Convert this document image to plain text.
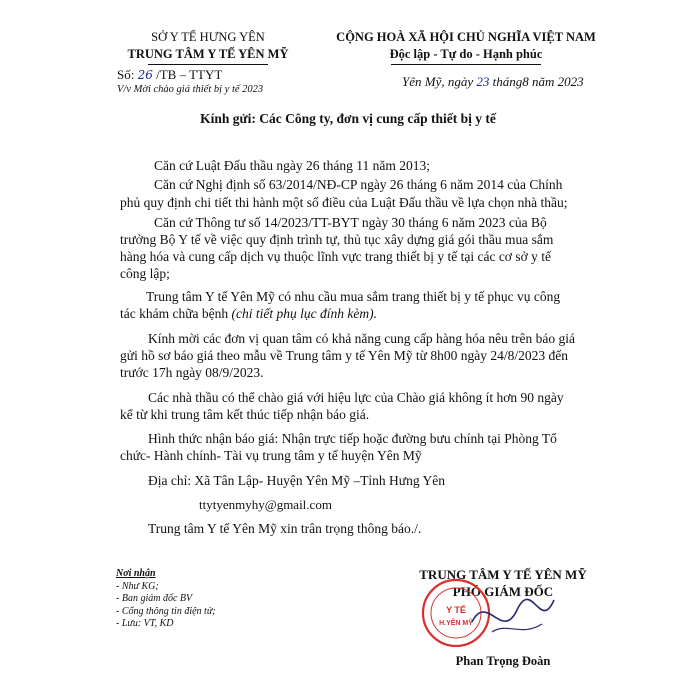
SỞ Y TẾ HƯNG YÊN
TRUNG TÂM Y TẾ YÊN MỸ
CỘNG HOÀ XÃ HỘI CHỦ NGHĨA VIỆT NAM
Độc lập - Tự do - Hạnh phúc
Số: 26 /TB – TTYT
V/v Mời chào giá thiết bị y tế 2023
Yên Mỹ, ngày 23 tháng8 năm 2023
Kính gửi: Các Công ty, đơn vị cung cấp thiết bị y tế
Căn cứ Luật Đấu thầu ngày 26 tháng 11 năm 2013;
Căn cứ Nghị định số 63/2014/NĐ-CP ngày 26 tháng 6 năm 2014 của Chính
phủ quy định chi tiết thi hành một số điều của Luật Đấu thầu về lựa chọn nhà thầu;
Căn cứ Thông tư số 14/2023/TT-BYT ngày 30 tháng 6 năm 2023 của Bộ
trưởng Bộ Y tế về việc quy định trình tự, thủ tục xây dựng giá gói thầu mua sắm
hàng hóa và cung cấp dịch vụ thuộc lĩnh vực trang thiết bị y tế tại các cơ sở y tế
công lập;
Trung tâm Y tế Yên Mỹ có nhu cầu mua sắm trang thiết bị y tế phục vụ công
tác khám chữa bệnh (chi tiết phụ lục đính kèm).
Kính mời các đơn vị quan tâm có khả năng cung cấp hàng hóa nêu trên báo giá
gửi hồ sơ báo giá theo mẫu về Trung tâm y tế Yên Mỹ từ 8h00 ngày 24/8/2023 đến
trước 17h ngày 08/9/2023.
Các nhà thầu có thể chào giá với hiệu lực của Chào giá không ít hơn 90 ngày
kể từ khi trung tâm kết thúc tiếp nhận báo giá.
Hình thức nhận báo giá: Nhận trực tiếp hoặc đường bưu chính tại Phòng Tổ
chức- Hành chính- Tài vụ trung tâm y tế huyện Yên Mỹ
Địa chỉ: Xã Tân Lập- Huyện Yên Mỹ –Tỉnh Hưng Yên
ttytyenmyhy@gmail.com
Trung tâm Y tế Yên Mỹ xin trân trọng thông báo./.
Nơi nhận
- Như KG;
- Ban giám đốc BV
- Cổng thông tin điện tử;
- Lưu: VT, KD
TRUNG TÂM Y TẾ YÊN MỸ
PHÓ GIÁM ĐỐC
Y TẾ
H.YÊN MỸ
Phan Trọng Đoàn
